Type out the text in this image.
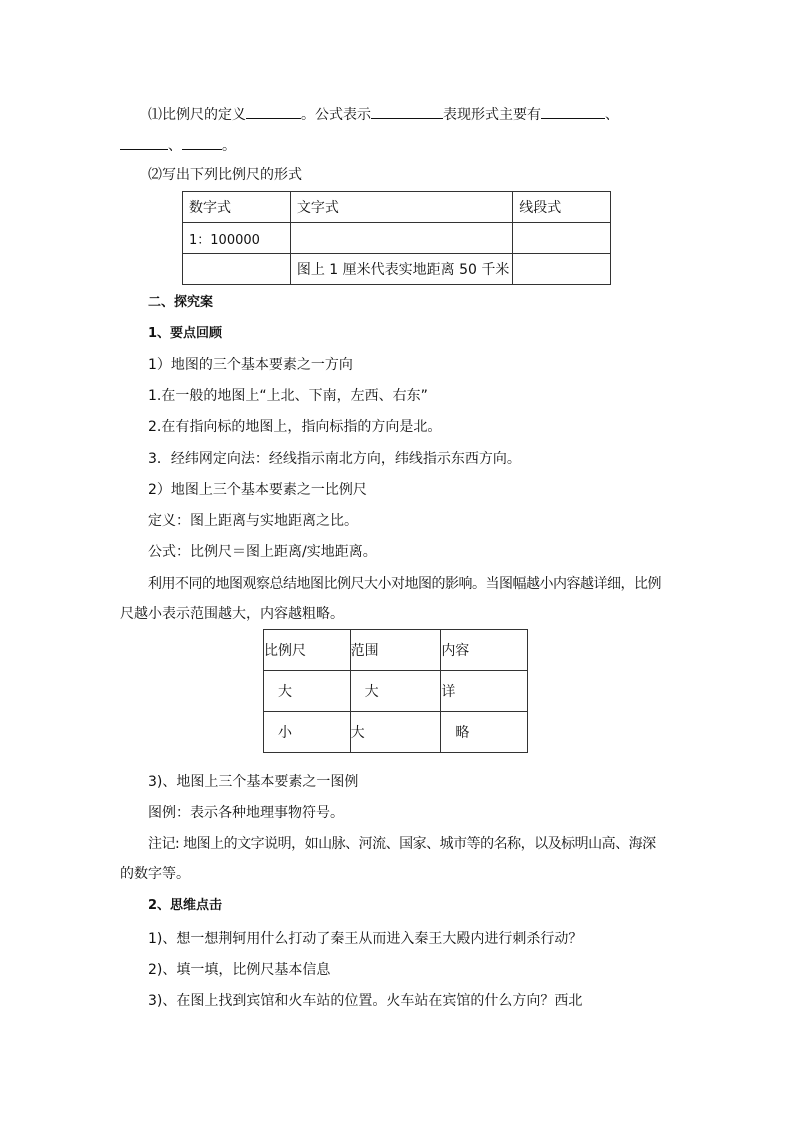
⑴比例尺的定义	。公式表示	表现形式主要有	、
、	。
⑵写出下列比例尺的形式
数字式	文字式	线段式
1：100000		
	图上 1 厘米代表实地距离 50 千米	
二、探究案
1、要点回顾
1）地图的三个基本要素之一方向
1.在一般的地图上“上北、下南，左西、右东”
2.在有指向标的地图上，指向标指的方向是北。
3．经纬网定向法：经线指示南北方向，纬线指示东西方向。
2）地图上三个基本要素之一比例尺
定义：图上距离与实地距离之比。
公式：比例尺＝图上距离/实地距离。
利用不同的地图观察总结地图比例尺大小对地图的影响。当图幅越小内容越详细，比例
尺越小表示范围越大，内容越粗略。
比例尺	范围	内容
大	大	详
小	大	略
3)、地图上三个基本要素之一图例
图例：表示各种地理事物符号。
注记: 地图上的文字说明，如山脉、河流、国家、城市等的名称，以及标明山高、海深
的数字等。
2、思维点击
1)、想一想荆轲用什么打动了秦王从而进入秦王大殿内进行刺杀行动？
2)、填一填，比例尺基本信息
3)、在图上找到宾馆和火车站的位置。火车站在宾馆的什么方向？西北
